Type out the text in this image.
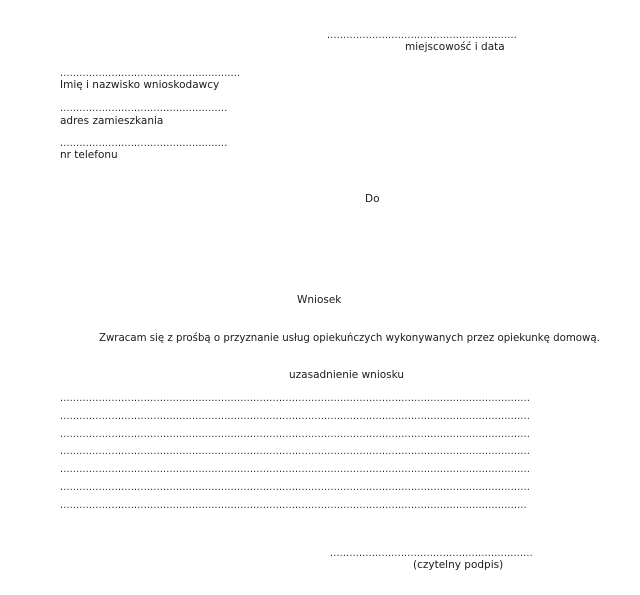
...........................................................
miejscowość i data
........................................................
Imię i nazwisko wnioskodawcy
....................................................
adres zamieszkania
....................................................
nr telefonu
Do
Wniosek
Zwracam się z prośbą o przyznanie usług opiekuńczych wykonywanych przez opiekunkę domową.
uzasadnienie wniosku
..................................................................................................................................................
..................................................................................................................................................
..................................................................................................................................................
..................................................................................................................................................
..................................................................................................................................................
..................................................................................................................................................
.................................................................................................................................................
...............................................................
(czytelny podpis)
